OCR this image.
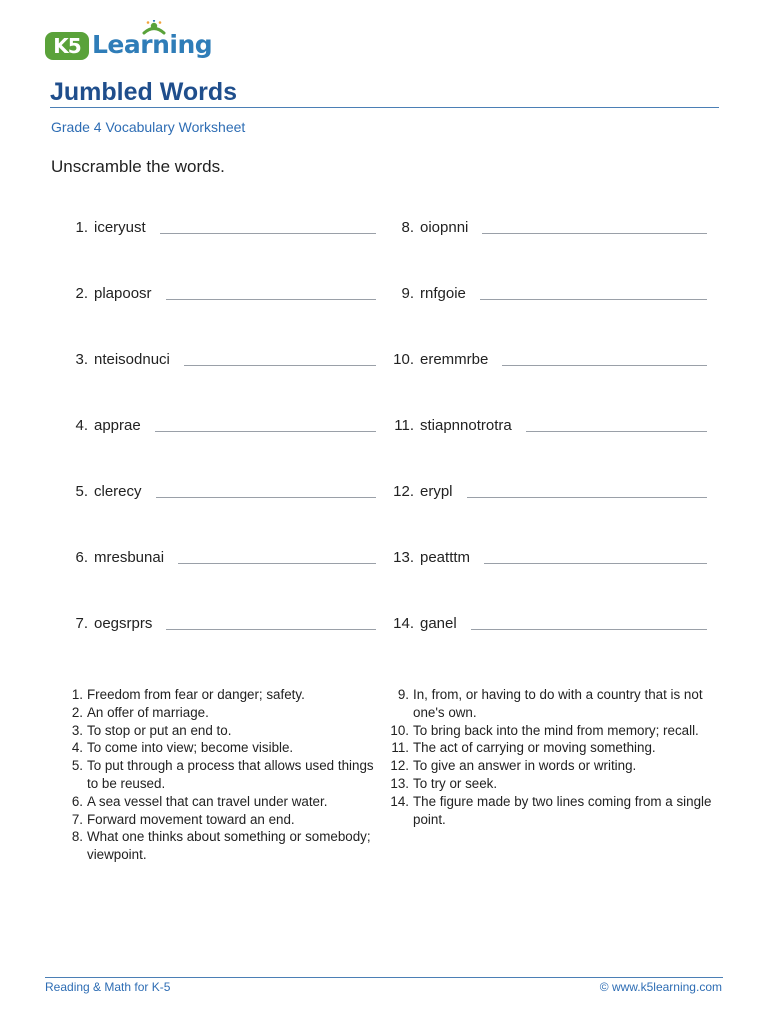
K5 Learning
Jumbled Words
Grade 4 Vocabulary Worksheet
Unscramble the words.
1. iceryust
2. plapoosr
3. nteisodnuci
4. apprae
5. clerecy
6. mresbunai
7. oegsrprs
8. oiopnni
9. rnfgoie
10. eremmrbe
11. stiapnnotrotra
12. erypl
13. peatttm
14. ganel
1. Freedom from fear or danger; safety.
2. An offer of marriage.
3. To stop or put an end to.
4. To come into view; become visible.
5. To put through a process that allows used things to be reused.
6. A sea vessel that can travel under water.
7. Forward movement toward an end.
8. What one thinks about something or somebody; viewpoint.
9. In, from, or having to do with a country that is not one's own.
10. To bring back into the mind from memory; recall.
11. The act of carrying or moving something.
12. To give an answer in words or writing.
13. To try or seek.
14. The figure made by two lines coming from a single point.
Reading & Math for K-5	© www.k5learning.com
